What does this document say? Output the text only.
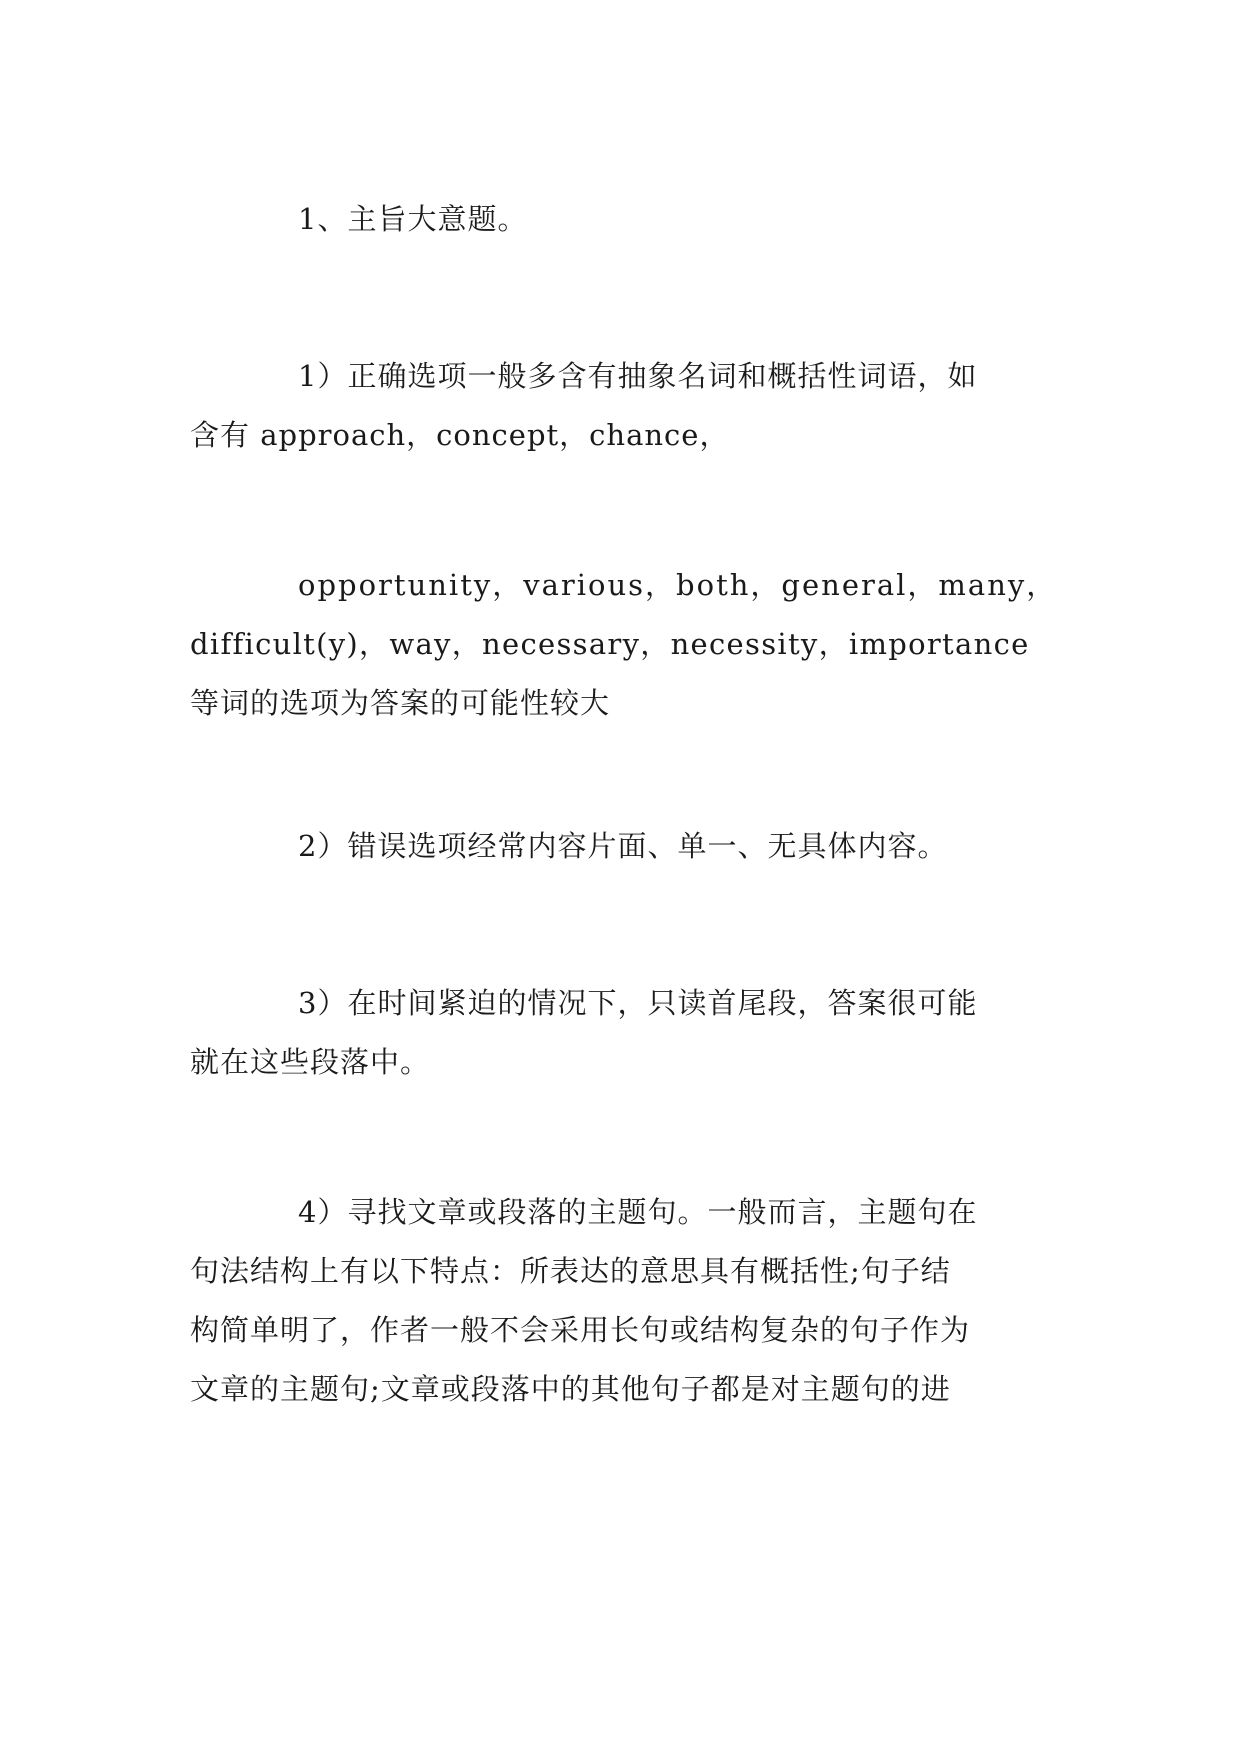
1、主旨大意题。

1）正确选项一般多含有抽象名词和概括性词语，如
含有 approach，concept，chance，

opportunity，various，both，general，many，
difficult(y)，way，necessary，necessity，importance
等词的选项为答案的可能性较大

2）错误选项经常内容片面、单一、无具体内容。

3）在时间紧迫的情况下，只读首尾段，答案很可能
就在这些段落中。

4）寻找文章或段落的主题句。一般而言，主题句在
句法结构上有以下特点：所表达的意思具有概括性;句子结
构简单明了，作者一般不会采用长句或结构复杂的句子作为
文章的主题句;文章或段落中的其他句子都是对主题句的进
